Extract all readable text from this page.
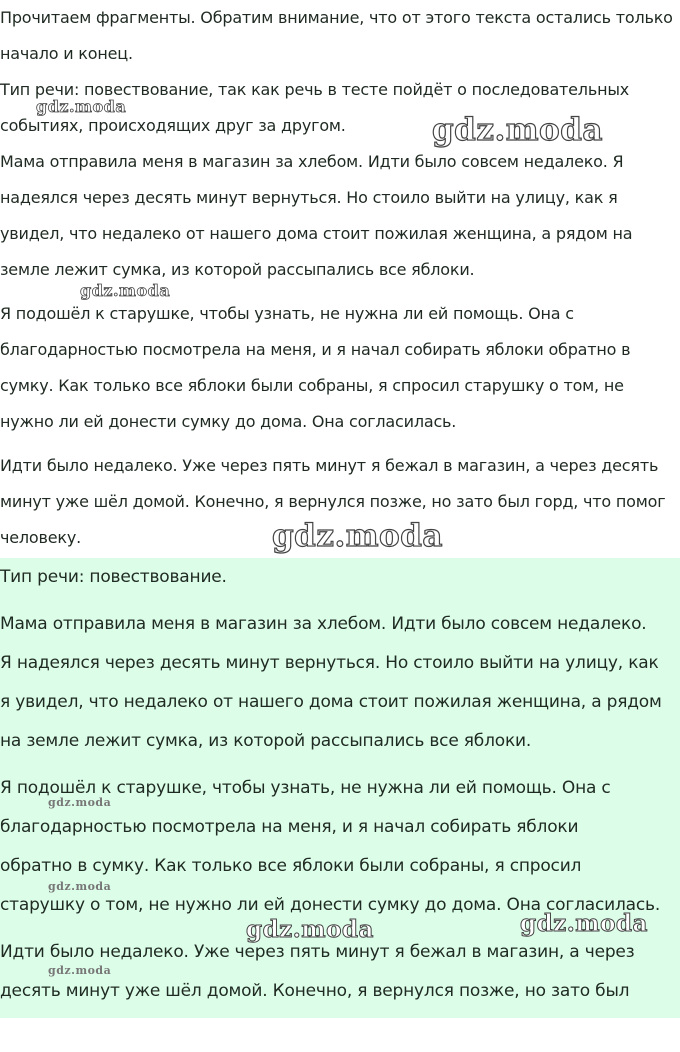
Прочитаем фрагменты. Обратим внимание, что от этого текста остались только

начало и конец.

Тип речи: повествование, так как речь в тесте пойдёт о последовательных

событиях, происходящих друг за другом.

Мама отправила меня в магазин за хлебом. Идти было совсем недалеко. Я

надеялся через десять минут вернуться. Но стоило выйти на улицу, как я

увидел, что недалеко от нашего дома стоит пожилая женщина, а рядом на

земле лежит сумка, из которой рассыпались все яблоки.

Я подошёл к старушке, чтобы узнать, не нужна ли ей помощь. Она с

благодарностью посмотрела на меня, и я начал собирать яблоки обратно в

сумку. Как только все яблоки были собраны, я спросил старушку о том, не

нужно ли ей донести сумку до дома. Она согласилась.

Идти было недалеко. Уже через пять минут я бежал в магазин, а через десять

минут уже шёл домой. Конечно, я вернулся позже, но зато был горд, что помог

человеку.

Тип речи: повествование.

Мама отправила меня в магазин за хлебом. Идти было совсем недалеко.

Я надеялся через десять минут вернуться. Но стоило выйти на улицу, как

я увидел, что недалеко от нашего дома стоит пожилая женщина, а рядом

на земле лежит сумка, из которой рассыпались все яблоки.

Я подошёл к старушке, чтобы узнать, не нужна ли ей помощь. Она с

благодарностью посмотрела на меня, и я начал собирать яблоки

обратно в сумку. Как только все яблоки были собраны, я спросил

старушку о том, не нужно ли ей донести сумку до дома. Она согласилась.

Идти было недалеко. Уже через пять минут я бежал в магазин, а через

десять минут уже шёл домой. Конечно, я вернулся позже, но зато был

gdz.moda
gdz.moda
gdz.moda
gdz.moda
gdz.moda
gdz.moda
gdz.moda	gdz.moda
gdz.moda
